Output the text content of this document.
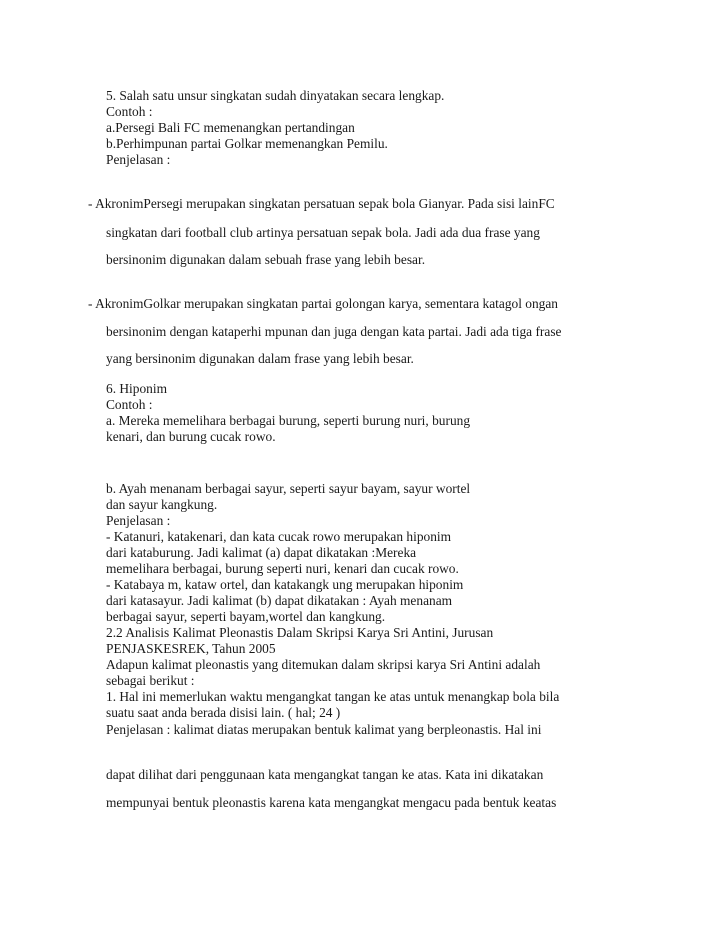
5. Salah satu unsur singkatan sudah dinyatakan secara lengkap.

Contoh :

a.Persegi Bali FC memenangkan pertandingan

b.Perhimpunan partai Golkar memenangkan Pemilu.

Penjelasan :

- AkronimPersegi merupakan singkatan persatuan sepak bola Gianyar. Pada sisi lainFC

singkatan dari football club artinya persatuan sepak bola. Jadi ada dua frase yang

bersinonim digunakan dalam sebuah frase yang lebih besar.

- AkronimGolkar merupakan singkatan partai golongan karya, sementara katagol ongan

bersinonim dengan kataperhi mpunan dan juga dengan kata partai. Jadi ada tiga frase

yang bersinonim digunakan dalam frase yang lebih besar.

6. Hiponim

Contoh :

a. Mereka memelihara berbagai burung, seperti burung nuri, burung

kenari, dan burung cucak rowo.

b. Ayah menanam berbagai sayur, seperti sayur bayam, sayur wortel

dan sayur kangkung.

Penjelasan :

- Katanuri, katakenari, dan kata cucak rowo merupakan hiponim

dari kataburung. Jadi kalimat (a) dapat dikatakan :Mereka

memelihara berbagai, burung seperti nuri, kenari dan cucak rowo.

- Katabaya m, kataw ortel, dan katakangk ung merupakan hiponim

dari katasayur. Jadi kalimat (b) dapat dikatakan : Ayah menanam

berbagai sayur, seperti bayam,wortel dan kangkung.

2.2 Analisis Kalimat Pleonastis Dalam Skripsi Karya Sri Antini, Jurusan

PENJASKESREK, Tahun 2005

Adapun kalimat pleonastis yang ditemukan dalam skripsi karya Sri Antini adalah

sebagai berikut :

1. Hal ini memerlukan waktu mengangkat tangan ke atas untuk menangkap bola bila

suatu saat anda berada disisi lain. ( hal; 24 )

Penjelasan : kalimat diatas merupakan bentuk kalimat yang berpleonastis. Hal ini

dapat dilihat dari penggunaan kata mengangkat tangan ke atas. Kata ini dikatakan

mempunyai bentuk pleonastis karena kata mengangkat mengacu pada bentuk keatas
